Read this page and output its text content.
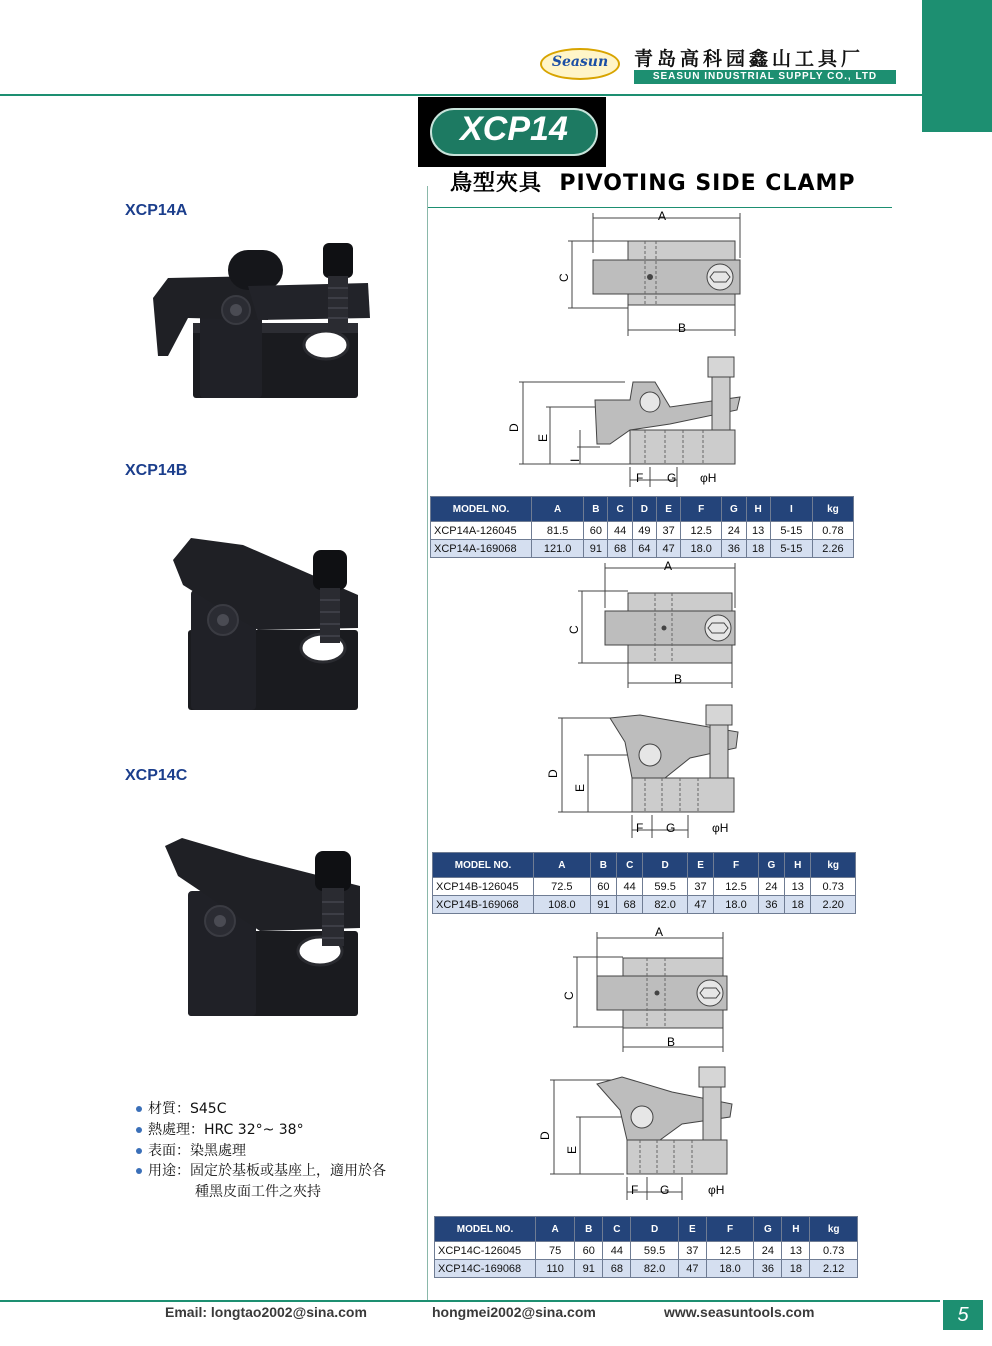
Seasun	青岛高科园鑫山工具厂
SEASUN INDUSTRIAL SUPPLY CO., LTD
XCP14
鳥型夾具 PIVOTING SIDE CLAMP
XCP14A
XCP14B
XCP14C
材質：S45C
熱處理：HRC 32°~ 38°
表面：染黑處理
用途：固定於基板或基座上，適用於各
種黑皮面工件之夾持
A
B
C
D
E
I
F G φH
MODEL NO.	A	B	C	D	E	F	G	H	I	kg
XCP14A-126045	81.5	60	44	49	37	12.5	24	13	5-15	0.78
XCP14A-169068	121.0	91	68	64	47	18.0	36	18	5-15	2.26
A
B
C
D
E
F G	φH
MODEL NO.	A	B	C	D	E	F	G	H	kg
XCP14B-126045	72.5	60	44	59.5	37	12.5	24	13	0.73
XCP14B-169068	108.0	91	68	82.0	47	18.0	36	18	2.20
A
B
C
D
E
F G	φH
MODEL NO.	A	B	C	D	E	F	G	H	kg
XCP14C-126045	75	60	44	59.5	37	12.5	24	13	0.73
XCP14C-169068	110	91	68	82.0	47	18.0	36	18	2.12
Email: longtao2002@sina.com	hongmei2002@sina.com	www.seasuntools.com	5
